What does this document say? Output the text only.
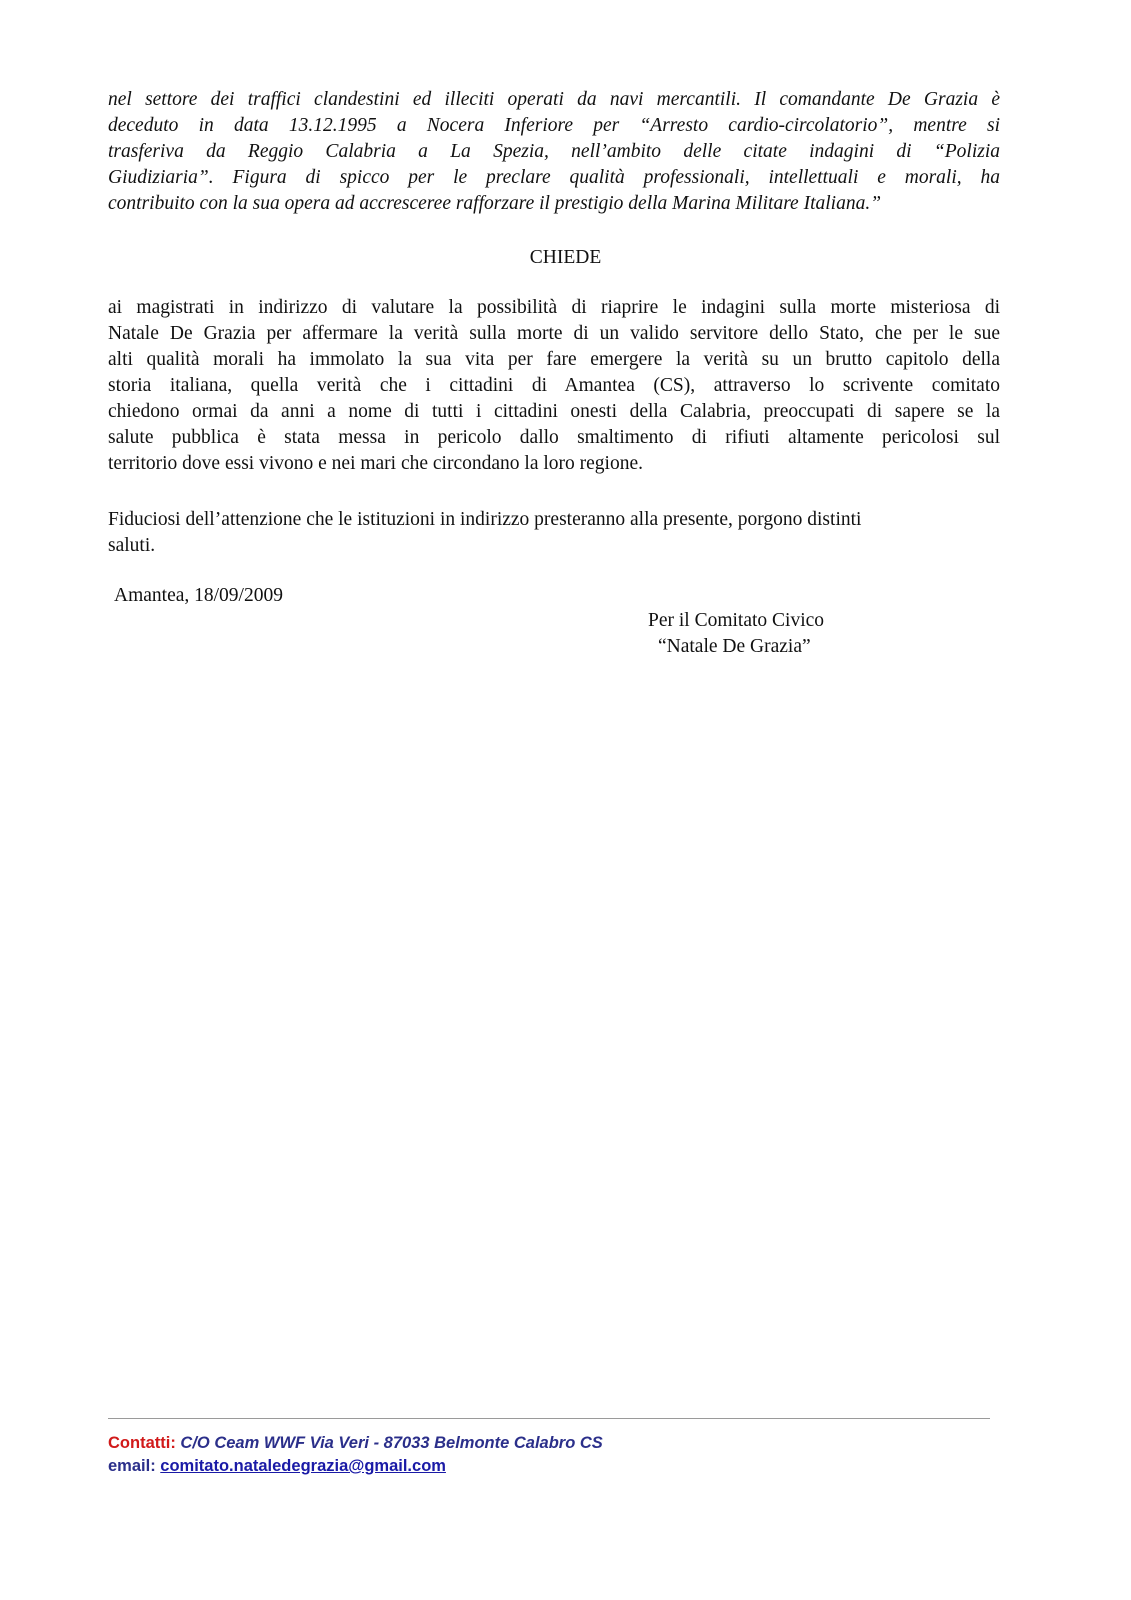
nel settore dei traffici clandestini ed illeciti operati da navi mercantili. Il comandante De Grazia è
deceduto in data 13.12.1995 a Nocera Inferiore per “Arresto cardio-circolatorio”, mentre si
trasferiva da Reggio Calabria a La Spezia, nell’ambito delle citate indagini di “Polizia
Giudiziaria”. Figura di spicco per le preclare qualità professionali, intellettuali e morali, ha
contribuito con la sua opera ad accresceree rafforzare il prestigio della Marina Militare Italiana.”
CHIEDE
ai magistrati in indirizzo di valutare la possibilità di riaprire le indagini sulla morte misteriosa di
Natale De Grazia per affermare la verità sulla morte di un valido servitore dello Stato, che per le sue
alti qualità morali ha immolato la sua vita per fare emergere la verità su un brutto capitolo della
storia italiana, quella verità che i cittadini di Amantea (CS), attraverso lo scrivente comitato
chiedono ormai da anni a nome di tutti i cittadini onesti della Calabria, preoccupati di sapere se la
salute pubblica è stata messa in pericolo dallo smaltimento di rifiuti altamente pericolosi sul
territorio dove essi vivono e nei mari che circondano la loro regione.
Fiduciosi dell’attenzione che le istituzioni in indirizzo presteranno alla presente, porgono distinti
saluti.
Amantea, 18/09/2009
Per il Comitato Civico
“Natale De Grazia”
Contatti: C/O Ceam WWF Via Veri - 87033 Belmonte Calabro CS
email: comitato.nataledegrazia@gmail.com
